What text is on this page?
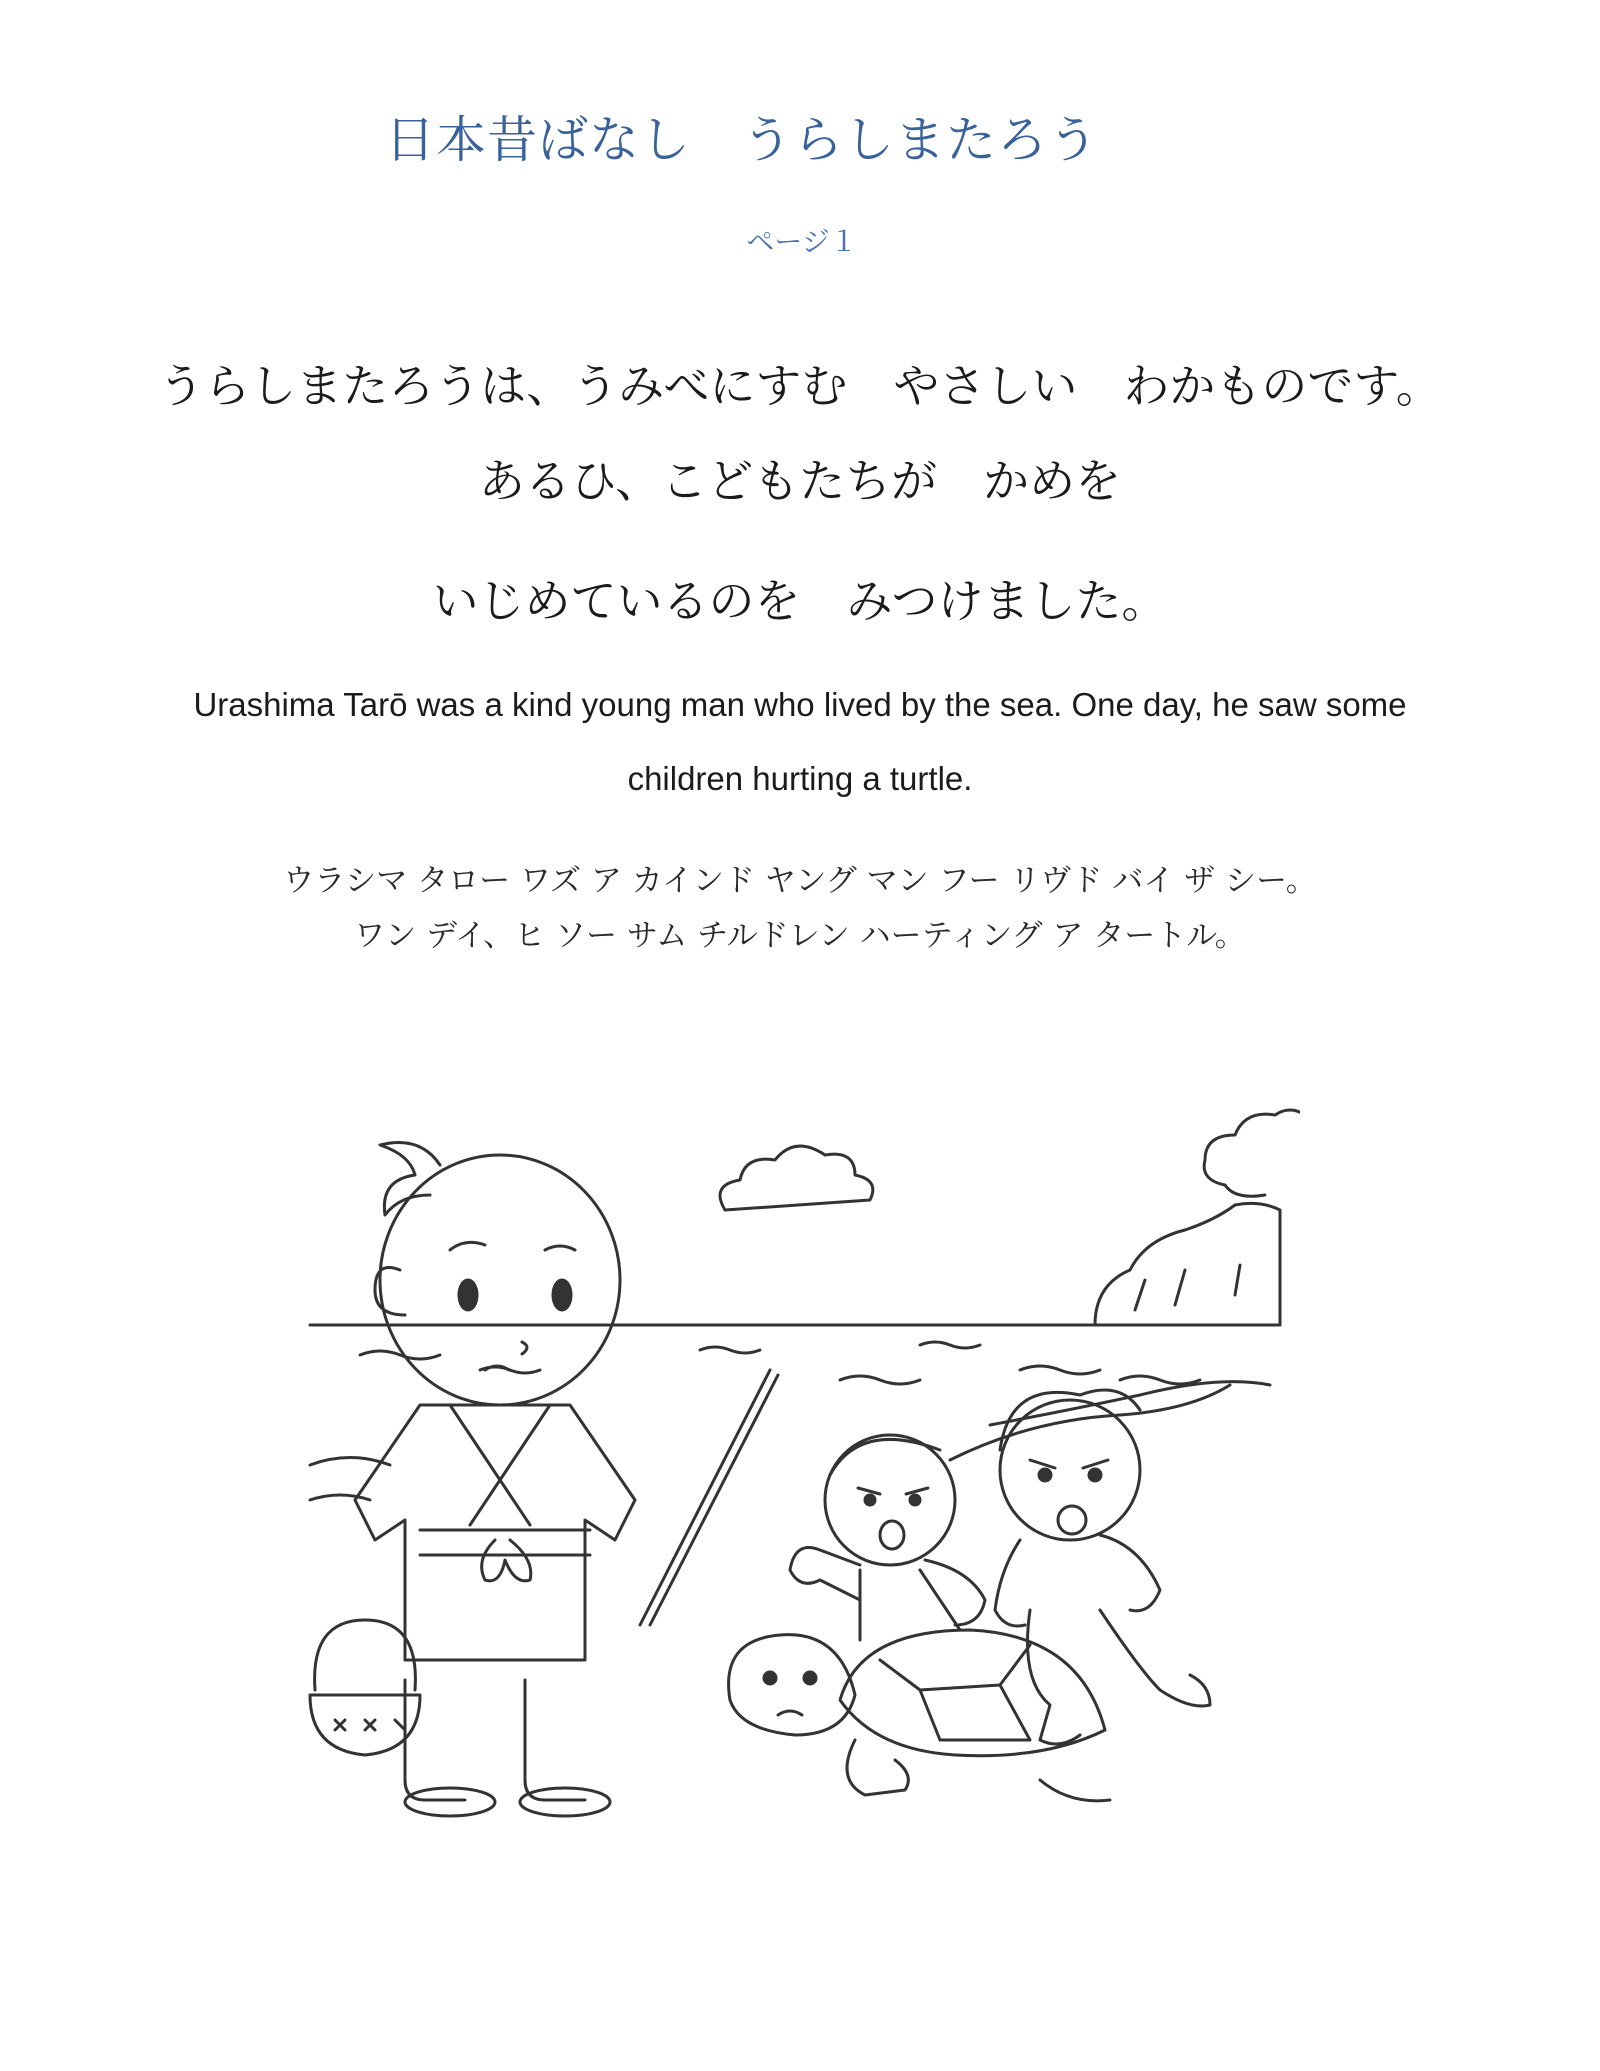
日本昔ばなし　うらしまたろう
ページ１
うらしまたろうは、うみべにすむ　やさしい　わかものです。
あるひ、こどもたちが　かめを
いじめているのを　みつけました。
Urashima Tarō was a kind young man who lived by the sea. One day, he saw some
children hurting a turtle.
ウラシマ タロー ワズ ア カインド ヤング マン フー リヴド バイ ザ シー。
ワン デイ、ヒ ソー サム チルドレン ハーティング ア タートル。
